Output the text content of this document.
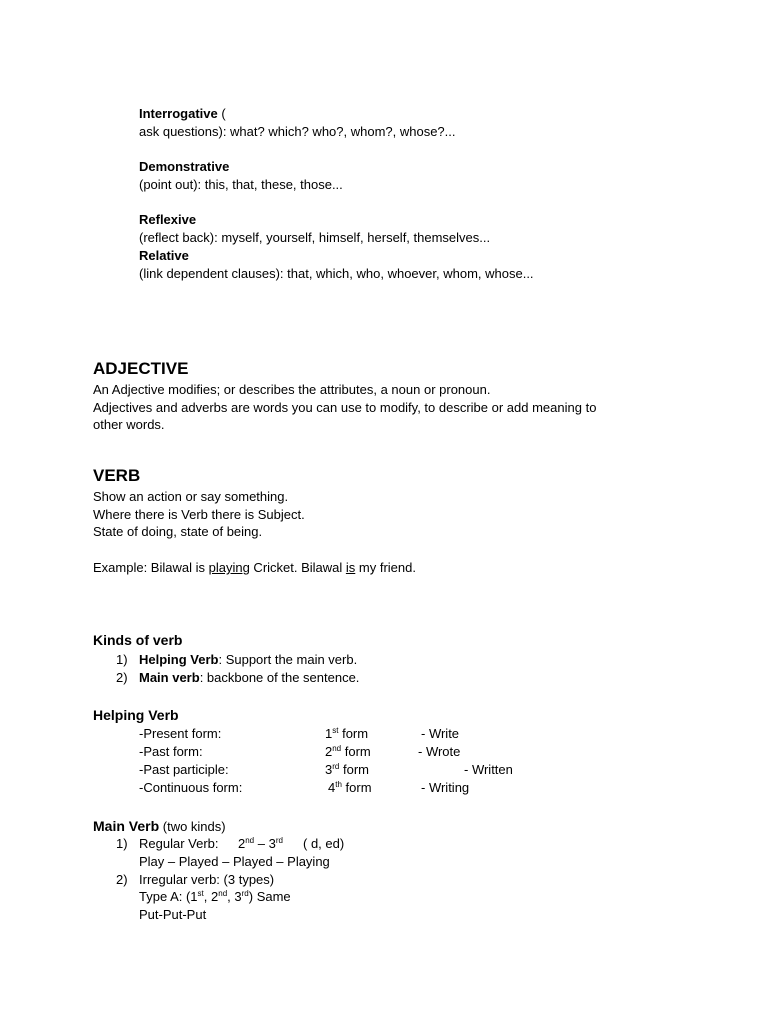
Interrogative (
ask questions): what? which? who?, whom?, whose?...
Demonstrative
(point out): this, that, these, those...
Reflexive
(reflect back): myself, yourself, himself, herself, themselves...
Relative
(link dependent clauses): that, which, who, whoever, whom, whose...
ADJECTIVE
An Adjective modifies; or describes the attributes, a noun or pronoun.
Adjectives and adverbs are words you can use to modify, to describe or add meaning to
other words.
VERB
Show an action or say something.
Where there is Verb there is Subject.
State of doing, state of being.
Example: Bilawal is playing Cricket. Bilawal is my friend.
Kinds of verb
1) Helping Verb: Support the main verb.
2) Main verb: backbone of the sentence.
Helping Verb
-Present form:	1st form	- Write
-Past form:	2nd form	- Wrote
-Past participle:	3rd form	- Written
-Continuous form:	4th form	- Writing
Main Verb (two kinds)
1) Regular Verb: 2nd – 3rd ( d, ed)
Play – Played – Played – Playing
2) Irregular verb: (3 types)
Type A: (1st, 2nd, 3rd) Same
Put-Put-Put
